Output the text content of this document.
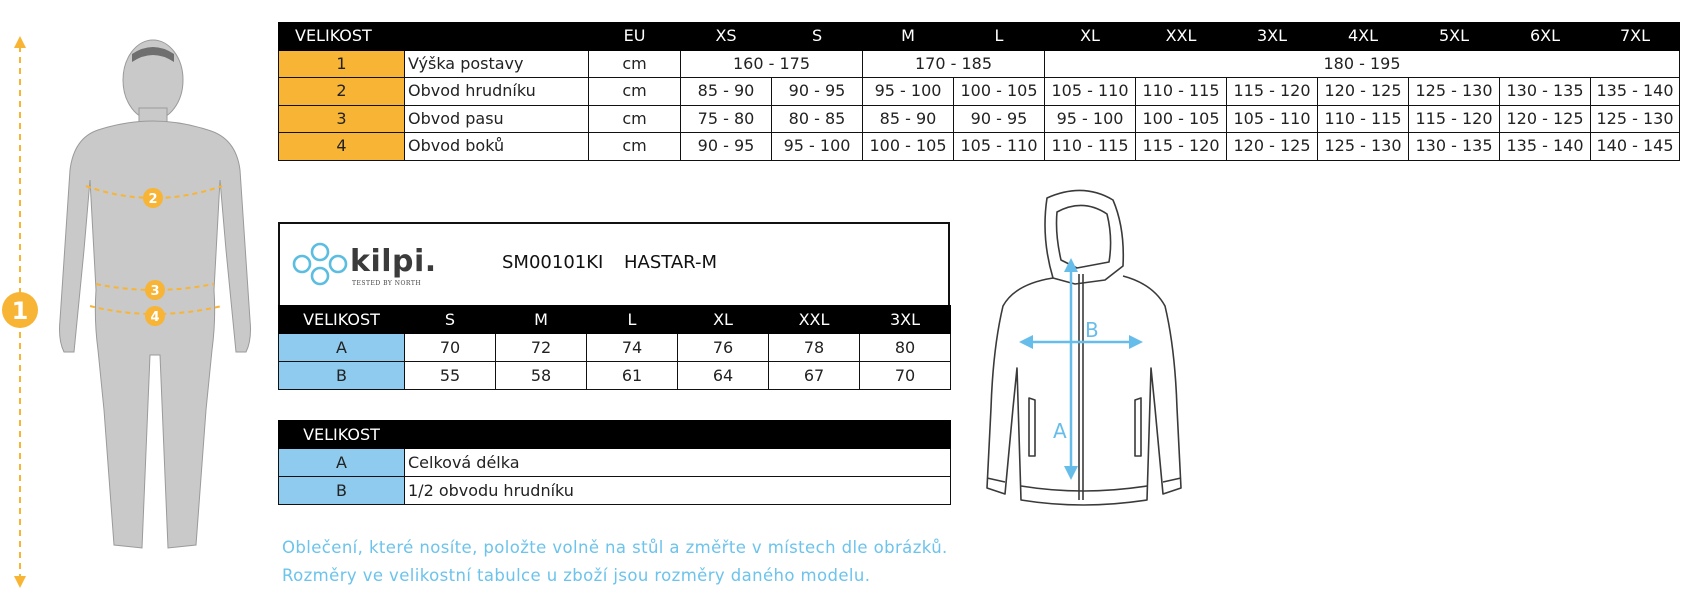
1
2
3
4
VELIKOST		EU	XS	S	M	L	XL	XXL	3XL	4XL	5XL	6XL	7XL
1	Výška postavy	cm	160 - 175		170 - 185		180 - 195						
2	Obvod hrudníku	cm	85 - 90	90 - 95	95 - 100	100 - 105	105 - 110	110 - 115	115 - 120	120 - 125	125 - 130	130 - 135	135 - 140
3	Obvod pasu	cm	75 - 80	80 - 85	85 - 90	90 - 95	95 - 100	100 - 105	105 - 110	110 - 115	115 - 120	120 - 125	125 - 130
4	Obvod boků	cm	90 - 95	95 - 100	100 - 105	105 - 110	110 - 115	115 - 120	120 - 125	125 - 130	130 - 135	135 - 140	140 - 145
kilpi.
TESTED BY NORTH
SM00101KI HASTAR-M
VELIKOST	S	M	L	XL	XXL	3XL
A	70	72	74	76	78	80
B	55	58	61	64	67	70
VELIKOST	
A	Celková délka
B	1/2 obvodu hrudníku
Oblečení, které nosíte, položte volně na stůl a změřte v místech dle obrázků.
Rozměry ve velikostní tabulce u zboží jsou rozměry daného modelu.
B
A
